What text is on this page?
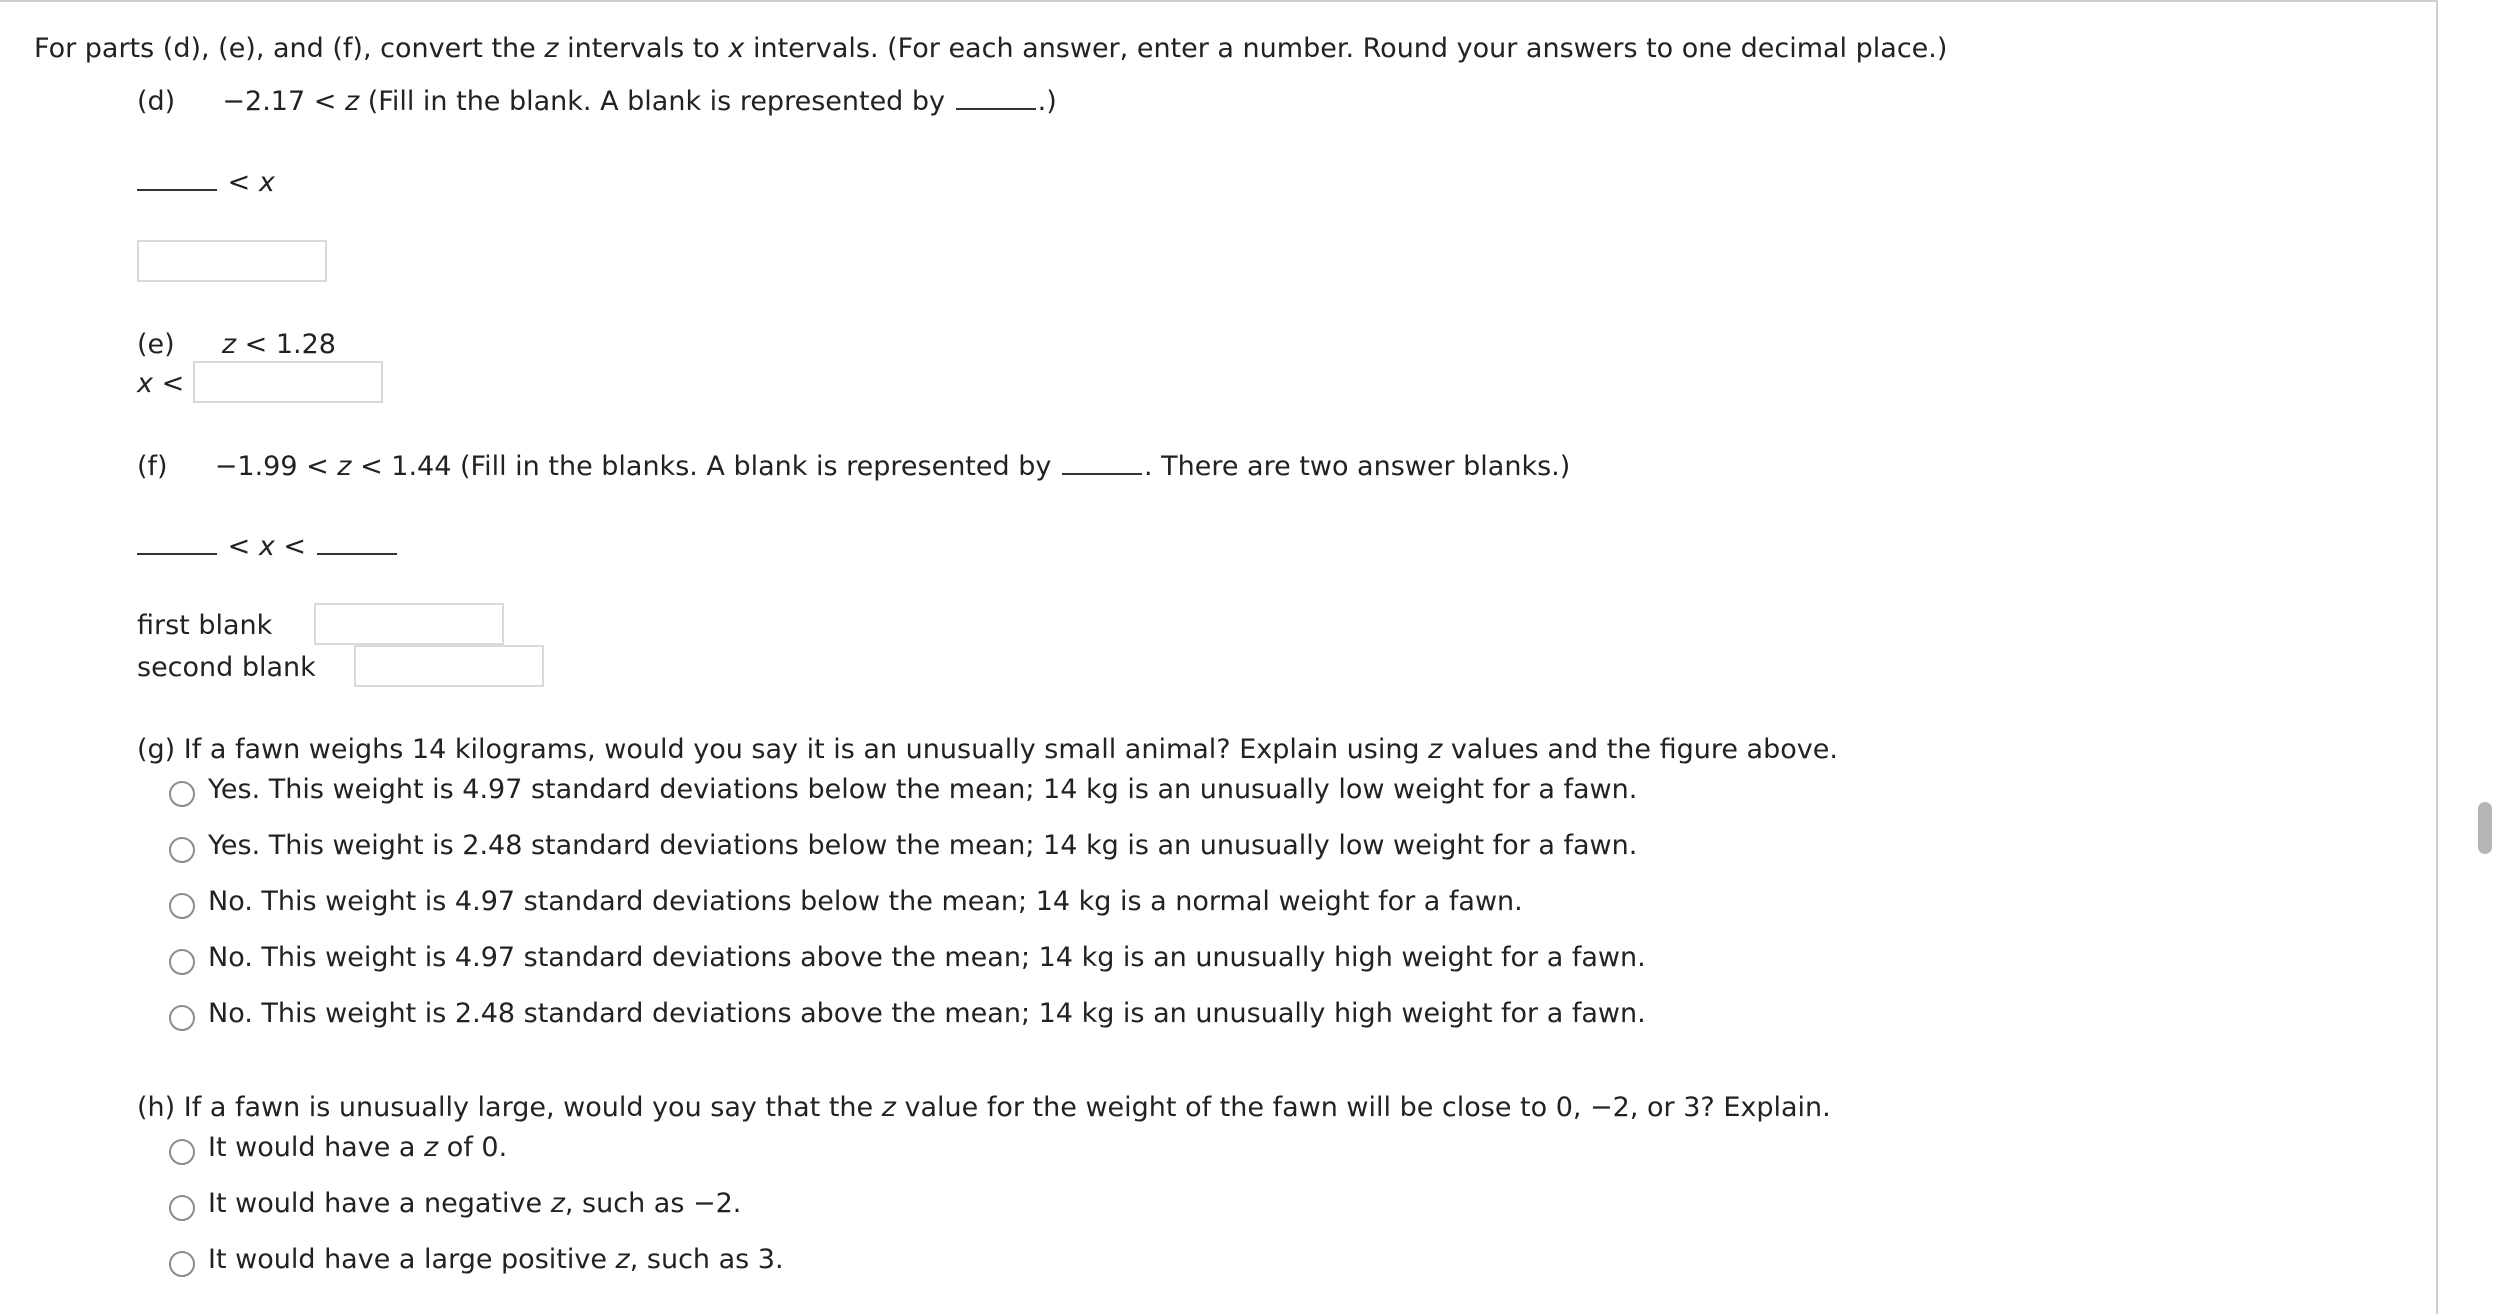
For parts (d), (e), and (f), convert the z intervals to x intervals. (For each answer, enter a number. Round your answers to one decimal place.)
(d) −2.17 < z (Fill in the blank. A blank is represented by	.)
< x
(e) z < 1.28
x <
(f) −1.99 < z < 1.44 (Fill in the blanks. A blank is represented by	. There are two answer blanks.)
< x <
first blank
second blank
(g) If a fawn weighs 14 kilograms, would you say it is an unusually small animal? Explain using z values and the figure above.
Yes. This weight is 4.97 standard deviations below the mean; 14 kg is an unusually low weight for a fawn.
Yes. This weight is 2.48 standard deviations below the mean; 14 kg is an unusually low weight for a fawn.
No. This weight is 4.97 standard deviations below the mean; 14 kg is a normal weight for a fawn.
No. This weight is 4.97 standard deviations above the mean; 14 kg is an unusually high weight for a fawn.
No. This weight is 2.48 standard deviations above the mean; 14 kg is an unusually high weight for a fawn.
(h) If a fawn is unusually large, would you say that the z value for the weight of the fawn will be close to 0, −2, or 3? Explain.
It would have a z of 0.
It would have a negative z, such as −2.
It would have a large positive z, such as 3.
